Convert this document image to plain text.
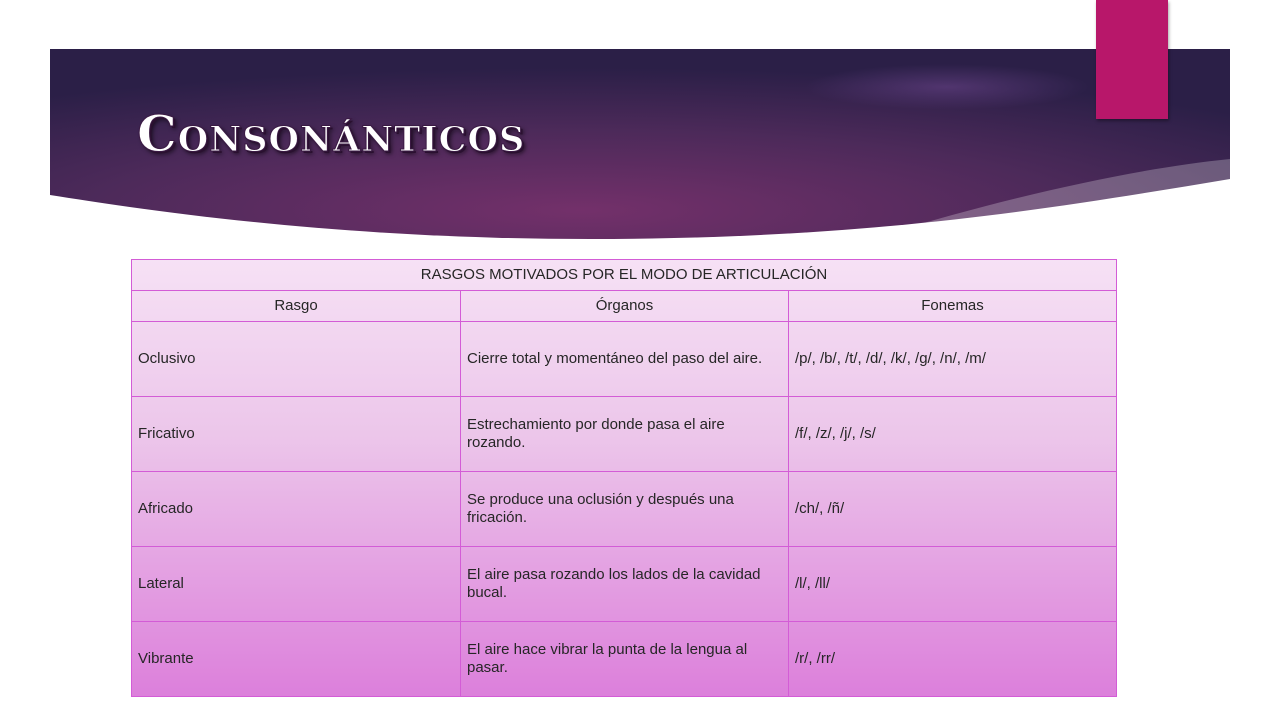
Consonánticos
RASGOS MOTIVADOS POR EL MODO DE ARTICULACIÓN		
Rasgo	Órganos	Fonemas
Oclusivo	Cierre total y momentáneo del paso del aire.	/p/, /b/, /t/, /d/, /k/, /g/, /n/, /m/
Fricativo	Estrechamiento por donde pasa el aire rozando.	/f/, /z/, /j/, /s/
Africado	Se produce una oclusión y después una fricación.	/ch/, /ñ/
Lateral	El aire pasa rozando los lados de la cavidad bucal.	/l/, /ll/
Vibrante	El aire hace vibrar la punta de la lengua al pasar.	/r/, /rr/
